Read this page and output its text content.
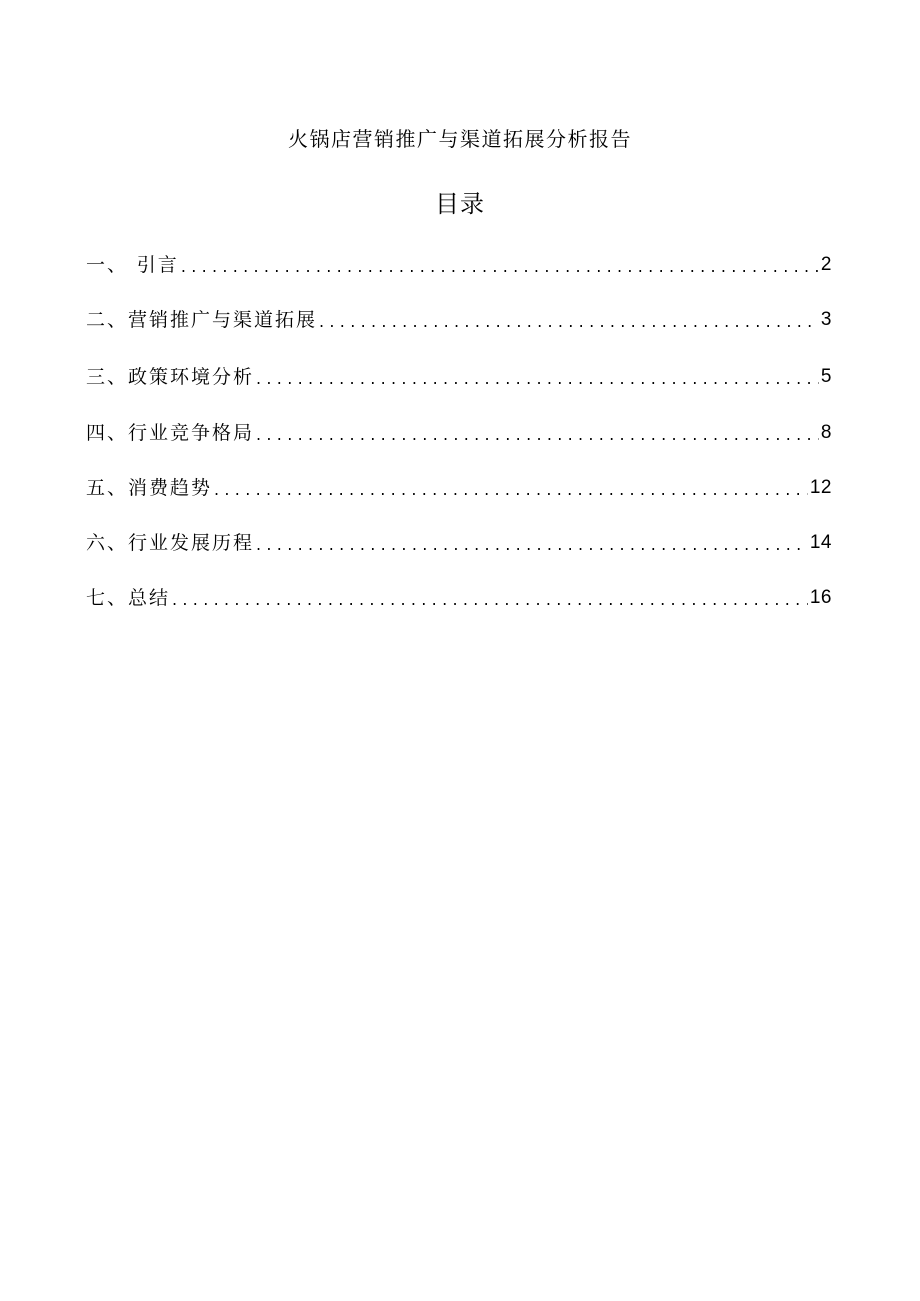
火锅店营销推广与渠道拓展分析报告
目录
一、 引言 .....	2
二、 营销推广与渠道拓展 .....	3
三、 政策环境分析 .....	5
四、 行业竞争格局 .....	8
五、 消费趋势 .....	12
六、 行业发展历程 .....	14
七、 总结 .....	16
